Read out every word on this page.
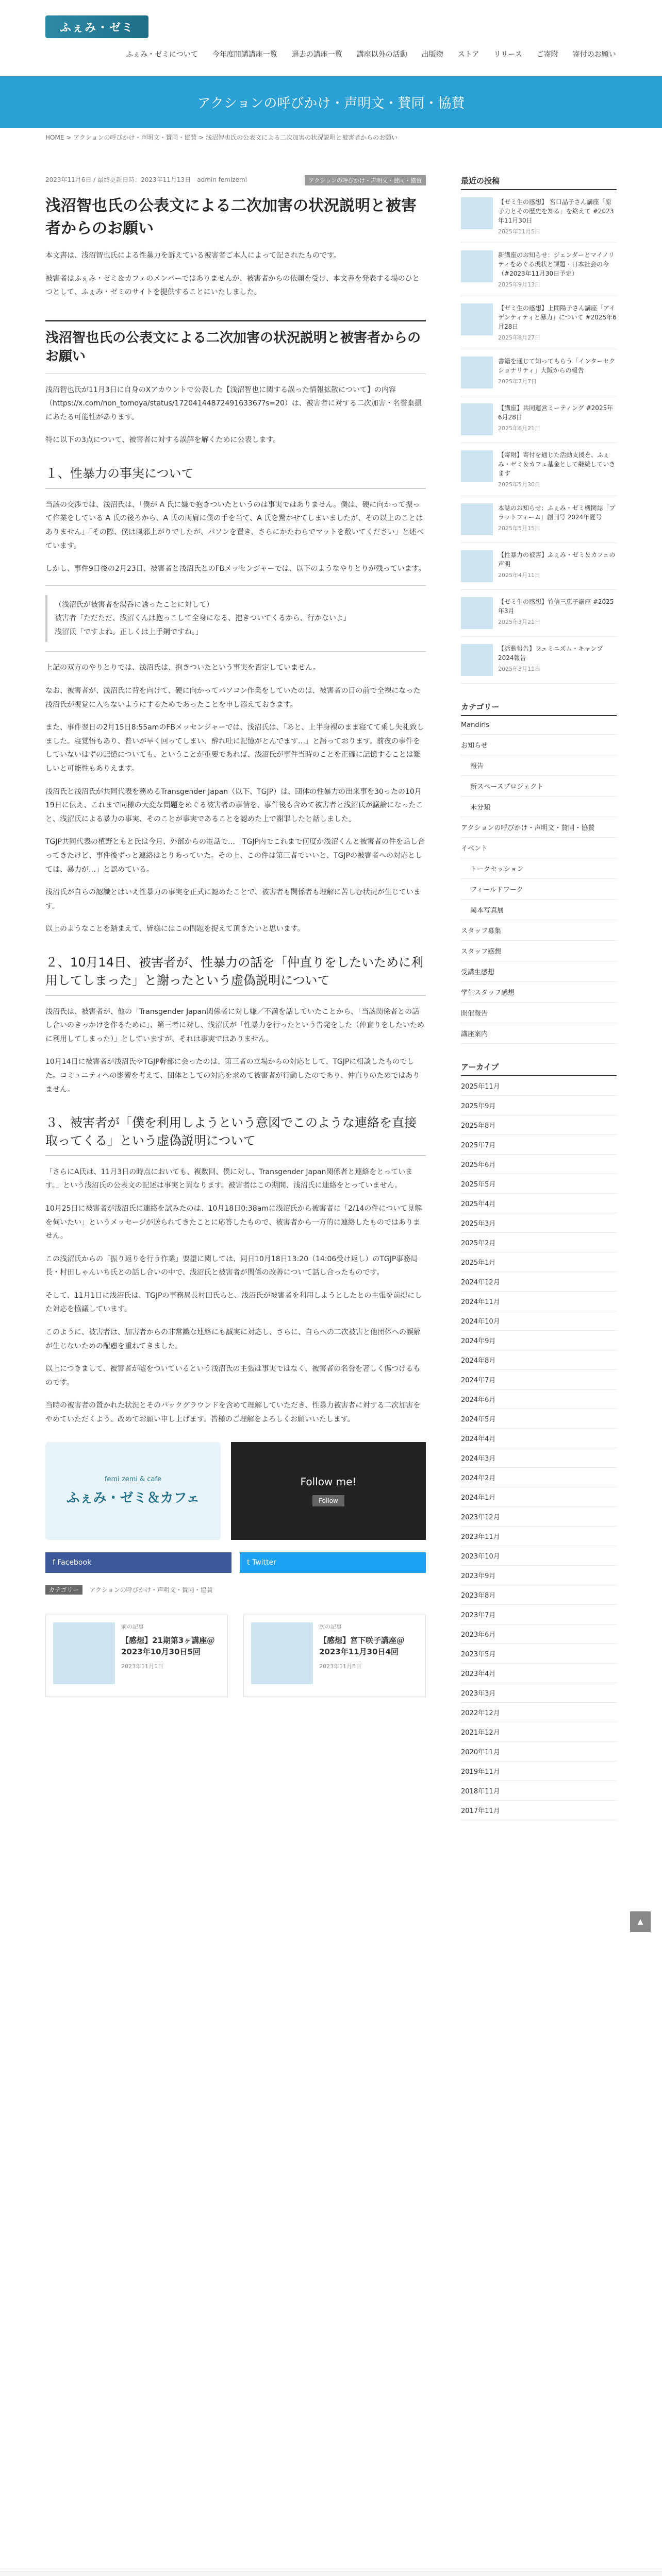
ふぇみ・ゼミ
ふぇみ・ゼミについて	今年度開講講座一覧	過去の講座一覧	講座以外の活動	出版物	ストア	リリース	ご寄附	寄付のお願い
アクションの呼びかけ・声明文・賛同・協賛
HOME > アクションの呼びかけ・声明文・賛同・協賛 > 浅沼智也氏の公表文による二次加害の状況説明と被害者からのお願い
2023年11月6日 / 最終更新日時：2023年11月13日　 admin femizemi	アクションの呼びかけ・声明文・賛同・協賛
浅沼智也氏の公表文による二次加害の状況説明と被害者からのお願い
本文書は、浅沼智也氏による性暴力を訴えている被害者ご本人によって記されたものです。
被害者はふぇみ・ゼミ＆カフェのメンバーではありませんが、被害者からの依頼を受け、本文書を発表する場のひとつとして、ふぇみ・ゼミのサイトを提供することにいたしました。
浅沼智也氏の公表文による二次加害の状況説明と被害者からのお願い
浅沼智也氏が11月3日に自身のXアカウントで公表した【浅沼智也に関する誤った情報拡散について】の内容（https://x.com/non_tomoya/status/1720414487249163367?s=20）は、被害者に対する二次加害・名誉棄損にあたる可能性があります。
特に以下の3点について、被害者に対する誤解を解くために公表します。
１、性暴力の事実について
当該の交渉では、浅沼氏は、「僕が A 氏に嫌で抱きついたというのは事実ではありません。僕は、硬に向かって振って作業をしている A 氏の後ろから、A 氏の両肩に僕の手を当て、A 氏を驚かせてしまいましたが、その以上のことはありません」「その際、僕は風邪上がりでしたが、パソンを置き、さらにかたわらでマットを敷いてください」と述べています。
しかし、事件9日後の2月23日、被害者と浅沼氏とのFBメッセンジャーでは、以下のようなやりとりが残っています。
（浅沼氏が被害者を湯呑に誘ったことに対して）
被害者「ただただ、浅沼くんは抱っこして全身になる、抱きついてくるから、行かないよ」
浅沼氏「ですよね。正しくは上手鋼ですね。」
上記の双方のやりとりでは、浅沼氏は、抱きついたという事実を否定していません。
なお、被害者が、浅沼氏に背を向けて、硬に向かってパソコン作業をしていたのは、被害者の目の前で全裸になった浅沼氏が視覚に入らないようにするためであったことを申し添えておきます。
また、事件翌日の2月15日8:55amのFBメッセンジャーでは、浅沼氏は、「あと、上半身裸のまま寝てて乗し失礼致しました。寝覚悟もあり、普いが早く回ってしまい、酔れ吐に記憶がとんでます…」と語っております。前夜の事件をしていないはずの記憶についても、ということが重要であれば、浅沼氏が事件当時のことを正確に記憶することは難しいと可能性もありえます。
浅沼氏と浅沼氏が共同代表を務めるTransgender Japan（以下、TGJP）は、団体の性暴力の出来事を30ったの10月19日に伝え、これまで同様の大変な問題をめぐる被害者の事情を、事件後も含めて被害者と浅沼氏が議論になったこと、浅沼氏による暴力の事実、そのことが事実であることを認めた上で謝罪したと話しました。
TGJP共同代表の植野ともと氏は今月、外部からの電話で…「TGJP内でこれまで何度か浅沼くんと被害者の件を話し合ってきたけど、事件後ずっと連絡はとりあっていた。その上、この件は第三者でいいと、TGJPの被害者への対応としては、暴力が…」と認めている。
浅沼氏が自らの認識とはいえ性暴力の事実を正式に認めたことで、被害者も関係者も理解に苦しむ状況が生じています。
以上のようなことを踏まえて、皆様にはこの問題を捉えて頂きたいと思います。
２、10月14日、被害者が、性暴力の話を「仲直りをしたいために利用してしまった」と謝ったという虚偽説明について
浅沼氏は、被害者が、他の「Transgender Japan関係者に対し嫌／不満を話していたことから、「当該関係者との話し合いのきっかけを作るために」、第三者に対し、浅沼氏が「性暴力を行ったという告発をした（仲直りをしたいために利用してしまった）」としていますが、それは事実ではありません。
10月14日に被害者が浅沼氏やTGJP幹部に会ったのは、第三者の立場からの対応として、TGJPに相談したものでした。コミュニティへの影響を考えて、団体としての対応を求めて被害者が行動したのであり、仲直りのためではありません。
３、被害者が「僕を利用しようという意図でこのような連絡を直接取ってくる」という虚偽説明について
「さらにA氏は、11月3日の時点においても、複数回、僕に対し、Transgender Japan関係者と連絡をとっています。」という浅沼氏の公表文の記述は事実と異なります。被害者はこの期間、浅沼氏に連絡をとっていません。
10月25日に被害者が浅沼氏に連絡を試みたのは、10月18日0:38amに浅沼氏から被害者に「2/14の件について見解を伺いたい」というメッセージが送られてきたことに応答したもので、被害者から一方的に連絡したものではありません。
この浅沼氏からの「振り返りを行う作業」要望に関しては、同日10月18日13:20（14:06受け返し）のTGJP事務局長・村田しゃんいち氏との話し合いの中で、浅沼氏と被害者が関係の改善について話し合ったものです。
そして、11月1日に浅沼氏は、TGJPの事務局長村田氏らと、浅沼氏が被害者を利用しようとしたとの主張を前提にした対応を協議しています。
このように、被害者は、加害者からの非常識な連絡にも誠実に対応し、さらに、自らへの二次被害と他団体への誤解が生じないための配慮を重ねてきました。
以上につきまして、被害者が嘘をついているという浅沼氏の主張は事実ではなく、被害者の名誉を著しく傷つけるものです。
当時の被害者の置かれた状況とそのバックグラウンドを含めて理解していただき、性暴力被害者に対する二次加害をやめていただくよう、改めてお願い申し上げます。皆様のご理解をよろしくお願いいたします。
femi zemi & cafe
ふぇみ・ゼミ＆カフェ
Follow me!
Follow
f Facebook	t Twitter
カテゴリー アクションの呼びかけ・声明文・賛同・協賛
前の記事
【感想】21期第3ヶ講座＠2023年10月30日5回
2023年11月1日
次の記事
【感想】宮下咲子講座＠2023年11月30日4回
2023年11月8日
最近の投稿
【ゼミ生の感想】 宮口晶子さん講座「原子力とその歴史を知る」を終えて #2023年11月30日
2025年11月5日
新講座のお知らせ：ジェンダーとマイノリティをめぐる現状と課題・日本社会の今（#2023年11月30日予定）
2025年9月13日
【ゼミ生の感想】上間陽子さん講座「アイデンティティと暴力」について #2025年6月28日
2025年8月27日
書籍を通じて知ってもらう「インターセクショナリティ」大阪からの報告
2025年7月7日
【講座】共同運営ミーティング #2025年6月28日
2025年6月21日
【寄附】寄付を通じた活動支援を、ふぇみ・ゼミ＆カフェ基金として継続していきます
2025年5月30日
本誌のお知らせ：ふぇみ・ゼミ機関誌「プラットフォーム」創刊号 2024年夏号
2025年5月15日
【性暴力の被害】ふぇみ・ゼミ＆カフェの声明
2025年4月11日
【ゼミ生の感想】竹信三恵子講座 #2025年3月
2025年3月21日
【活動報告】フェミニズム・キャンプ2024報告
2025年3月11日
カテゴリー
Mandiris
お知らせ
報告
新スペースプロジェクト
未分類
アクションの呼びかけ・声明文・賛同・協賛
イベント
トークセッション
フィールドワーク
岡本写真展
スタッフ募集
スタッフ感想
受講生感想
学生スタッフ感想
開催報告
講座案内
アーカイブ
2025年11月
2025年9月
2025年8月
2025年7月
2025年6月
2025年5月
2025年4月
2025年3月
2025年2月
2025年1月
2024年12月
2024年11月
2024年10月
2024年9月
2024年8月
2024年7月
2024年6月
2024年5月
2024年4月
2024年3月
2024年2月
2024年1月
2023年12月
2023年11月
2023年10月
2023年9月
2023年8月
2023年7月
2023年6月
2023年5月
2023年4月
2023年3月
2022年12月
2021年12月
2020年11月
2019年11月
2018年11月
2017年11月
▲
